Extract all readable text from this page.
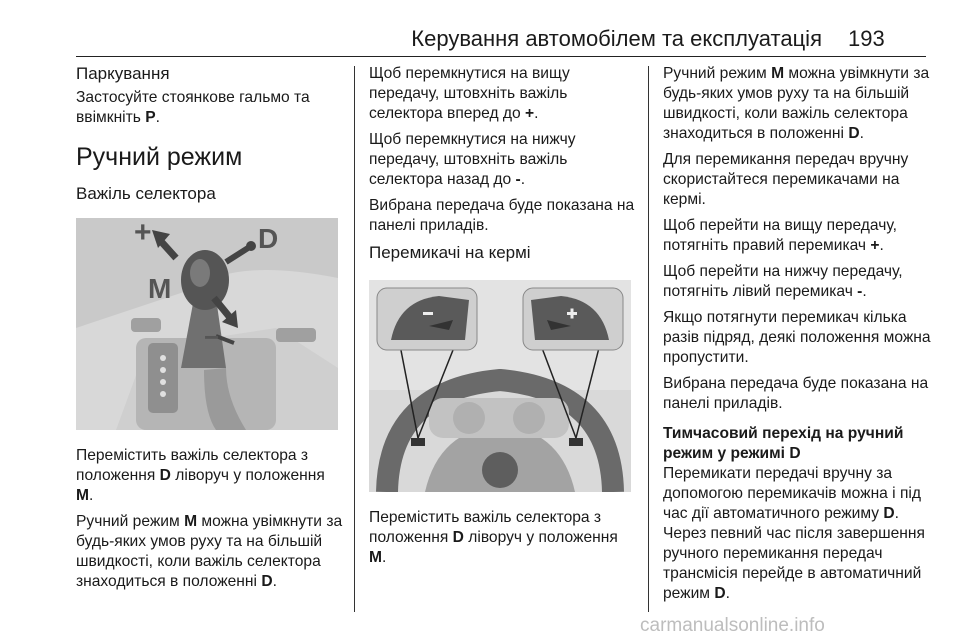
Керування автомобілем та експлуатація 193
Паркування

Застосуйте стоянкове гальмо та ввімкніть P.

Ручний режим
Важіль селектора
+	D
M
−

Перемістить важіль селектора з положення D ліворуч у положення M.

Ручний режим M можна увімкнути за будь-яких умов руху та на більшій швидкості, коли важіль селектора знаходиться в положенні D.

Щоб перемкнутися на вищу передачу, штовхніть важіль селектора вперед до +.

Щоб перемкнутися на нижчу передачу, штовхніть важіль селектора назад до -.

Вибрана передача буде показана на панелі приладів.

Перемикачі на кермі

Перемістить важіль селектора з положення D ліворуч у положення M.

Ручний режим M можна увімкнути за будь-яких умов руху та на більшій швидкості, коли важіль селектора знаходиться в положенні D.

Для перемикання передач вручну скористайтеся перемикачами на кермі.

Щоб перейти на вищу передачу, потягніть правий перемикач +.

Щоб перейти на нижчу передачу, потягніть лівий перемикач -.

Якщо потягнути перемикач кілька разів підряд, деякі положення можна пропустити.

Вибрана передача буде показана на панелі приладів.

Тимчасовий перехід на ручний режим у режимі D

Перемикати передачі вручну за допомогою перемикачів можна і під час дії автоматичного режиму D. Через певний час після завершення ручного перемикання передач трансмісія перейде в автоматичний режим D.

carmanualsonline.info
